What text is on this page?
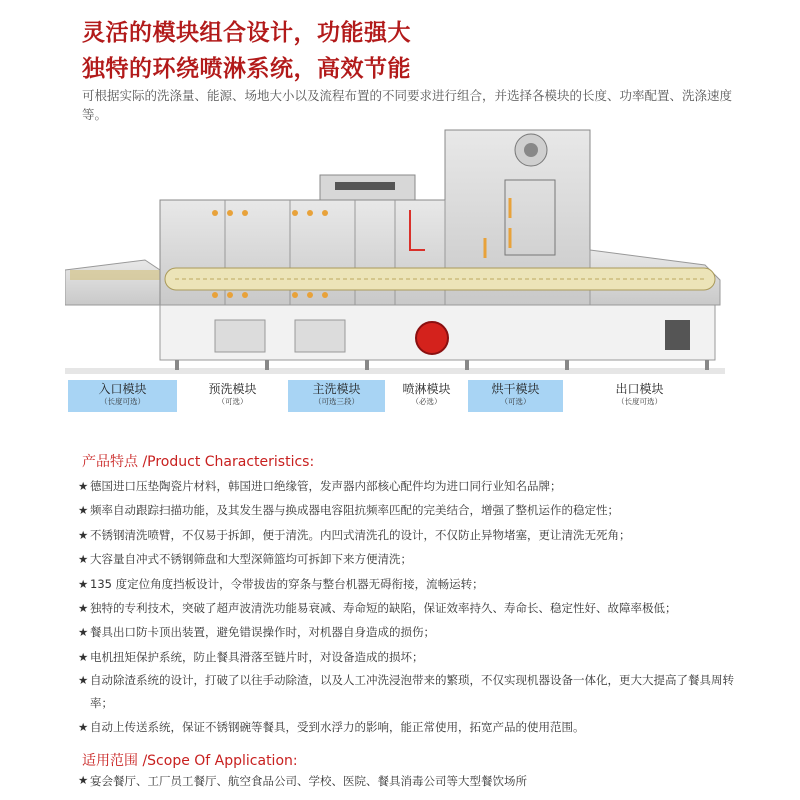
灵活的模块组合设计，功能强大
独特的环绕喷淋系统，高效节能
可根据实际的洗涤量、能源、场地大小以及流程布置的不同要求进行组合，并选择各模块的长度、功率配置、洗涤速度等。
入口模块
（长度可选）
预洗模块
（可选）
主洗模块
（可选三段）
喷淋模块
（必选）
烘干模块
（可选）
出口模块
（长度可选）
产品特点 /Product Characteristics:
★ 德国进口压垫陶瓷片材料，韩国进口绝缘管，发声器内部核心配件均为进口同行业知名品牌；
★ 频率自动跟踪扫描功能，及其发生器与换成器电容阻抗频率匹配的完美结合，增强了整机运作的稳定性；
★ 不锈钢清洗喷臂，不仅易于拆卸，便于清洗。内凹式清洗孔的设计，不仅防止异物堵塞，更让清洗无死角；
★ 大容量自冲式不锈钢筛盘和大型深筛篮均可拆卸下来方便清洗；
★ 135 度定位角度挡板设计，令带拔齿的穿条与整台机器无碍衔接，流畅运转；
★ 独特的专利技术，突破了超声波清洗功能易衰减、寿命短的缺陷，保证效率持久、寿命长、稳定性好、故障率极低；
★ 餐具出口防卡顶出装置，避免错误操作时，对机器自身造成的损伤；
★ 电机扭矩保护系统，防止餐具滑落至链片时，对设备造成的损坏；
★ 自动除渣系统的设计，打破了以往手动除渣，以及人工冲洗浸泡带来的繁琐，不仅实现机器设备一体化，更大大提高了餐具周转率；
★ 自动上传送系统，保证不锈钢碗等餐具，受到水浮力的影响，能正常使用，拓宽产品的使用范围。
适用范围 /Scope Of Application:
★ 宴会餐厅、工厂员工餐厅、航空食品公司、学校、医院、餐具消毒公司等大型餐饮场所
